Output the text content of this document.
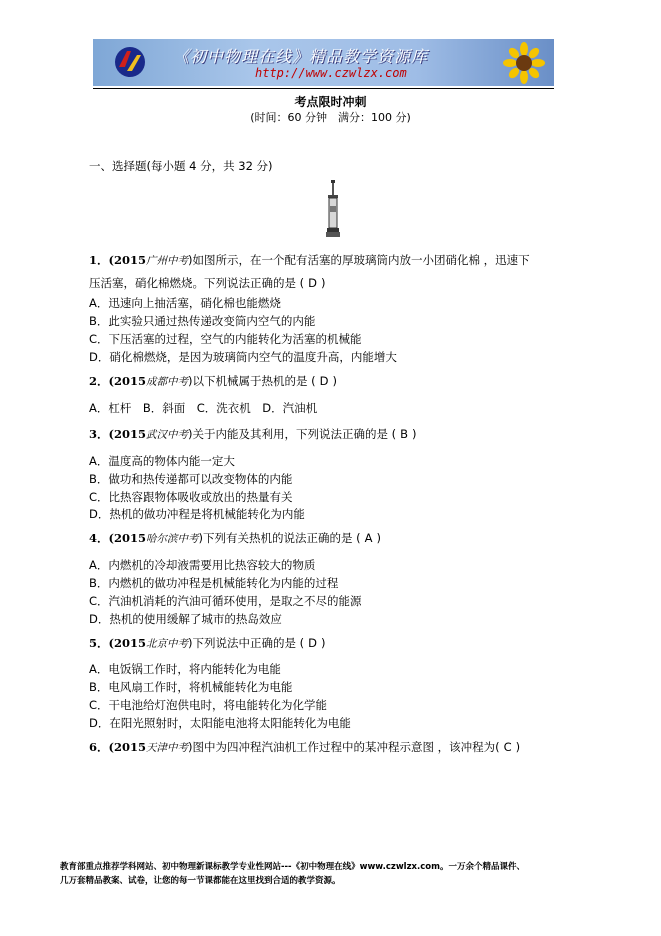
《初中物理在线》精品教学资源库
http://www.czwlzx.com
考点限时冲刺
(时间：60 分钟　满分：100 分)
一、选择题(每小题 4 分，共 32 分)
1．(2015广州中考)如图所示，在一个配有活塞的厚玻璃筒内放一小团硝化棉 ，迅速下
压活塞，硝化棉燃烧。下列说法正确的是 ( D )
A．迅速向上抽活塞，硝化棉也能燃烧
B．此实验只通过热传递改变筒内空气的内能
C．下压活塞的过程，空气的内能转化为活塞的机械能
D．硝化棉燃烧，是因为玻璃筒内空气的温度升高，内能增大
2．(2015成都中考)以下机械属于热机的是 ( D )
A．杠杆　B．斜面　C．洗衣机　D．汽油机
3．(2015武汉中考)关于内能及其利用，下列说法正确的是 ( B )
A．温度高的物体内能一定大
B．做功和热传递都可以改变物体的内能
C．比热容跟物体吸收或放出的热量有关
D．热机的做功冲程是将机械能转化为内能
4．(2015哈尔滨中考)下列有关热机的说法正确的是 ( A )
A．内燃机的冷却液需要用比热容较大的物质
B．内燃机的做功冲程是机械能转化为内能的过程
C．汽油机消耗的汽油可循环使用，是取之不尽的能源
D．热机的使用缓解了城市的热岛效应
5．(2015北京中考)下列说法中正确的是 ( D )
A．电饭锅工作时，将内能转化为电能
B．电风扇工作时，将机械能转化为电能
C．干电池给灯泡供电时，将电能转化为化学能
D．在阳光照射时，太阳能电池将太阳能转化为电能
6．(2015天津中考)图中为四冲程汽油机工作过程中的某冲程示意图 ，该冲程为( C )
教育部重点推荐学科网站、初中物理新课标教学专业性网站---《初中物理在线》www.czwlzx.com。一万余个精品课件、
几万套精品教案、试卷，让您的每一节课都能在这里找到合适的教学资源。
